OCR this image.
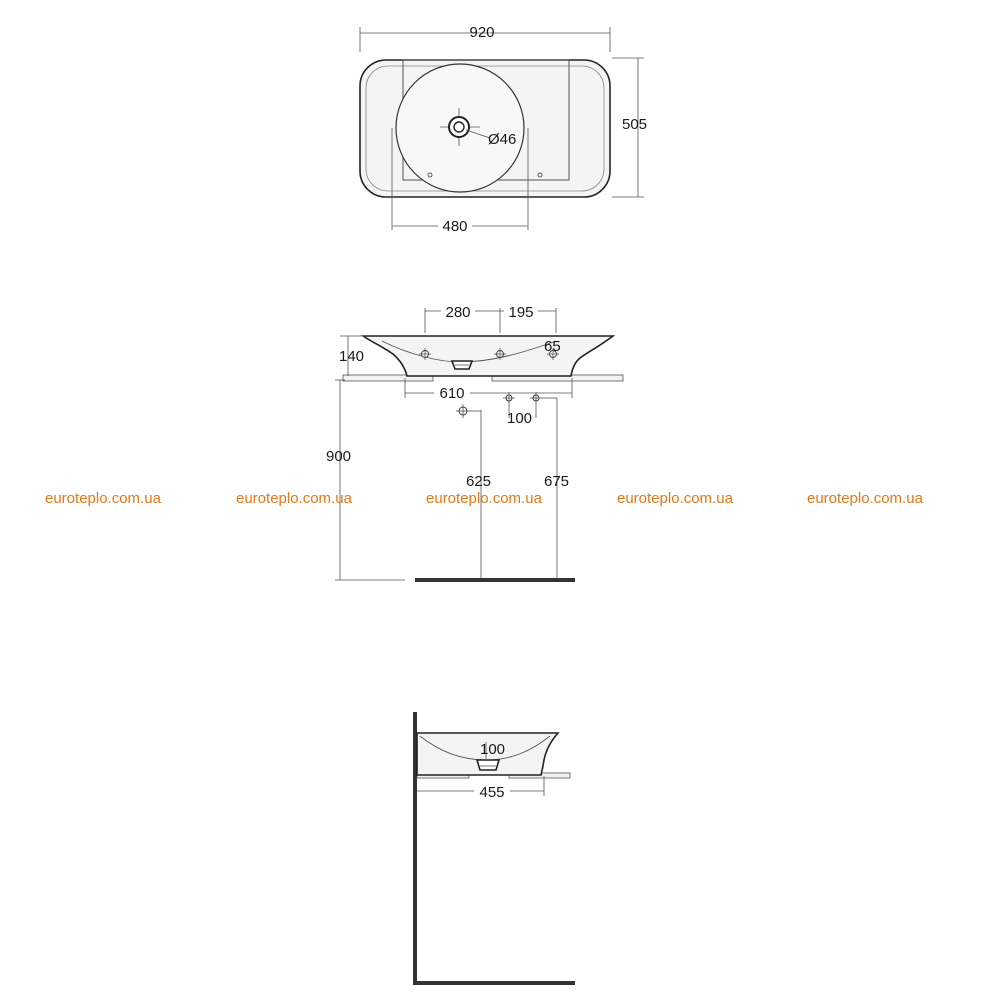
920
505
480
Ø46
280	195
65
140
610
100
900
625	675
euroteplo.com.ua	euroteplo.com.ua	euroteplo.com.ua	euroteplo.com.ua	euroteplo.com.ua
100
455
